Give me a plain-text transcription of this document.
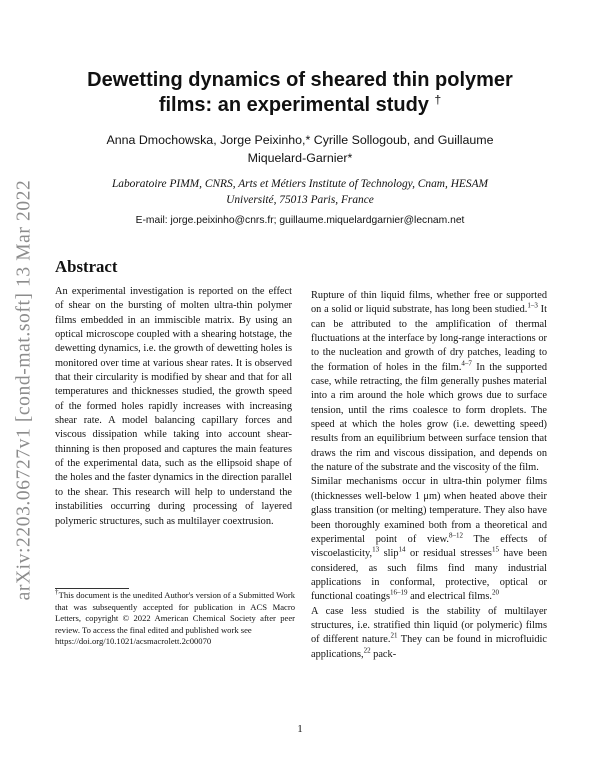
arXiv:2203.06727v1 [cond-mat.soft] 13 Mar 2022
Dewetting dynamics of sheared thin polymer
films: an experimental study †
Anna Dmochowska, Jorge Peixinho,* Cyrille Sollogoub, and Guillaume
Miquelard-Garnier*
Laboratoire PIMM, CNRS, Arts et Métiers Institute of Technology, Cnam, HESAM
Université, 75013 Paris, France
E-mail: jorge.peixinho@cnrs.fr; guillaume.miquelardgarnier@lecnam.net
Abstract

An experimental investigation is reported on the effect of shear on the bursting of molten ultra-thin polymer films embedded in an immiscible matrix. By using an optical microscope coupled with a shearing hotstage, the dewetting dynamics, i.e. the growth of dewetting holes is monitored over time at various shear rates. It is observed that their circularity is modified by shear and that for all temperatures and thicknesses studied, the growth speed of the formed holes rapidly increases with increasing shear rate. A model balancing capillary forces and viscous dissipation while taking into account shear-thinning is then proposed and captures the main features of the experimental data, such as the ellipsoid shape of the holes and the faster dynamics in the direction parallel to the shear. This research will help to understand the instabilities occurring during processing of layered polymeric structures, such as multilayer coextrusion.

†This document is the unedited Author's version of a Submitted Work that was subsequently accepted for publication in ACS Macro Letters, copyright © 2022 American Chemical Society after peer review. To access the final edited and published work see
https://doi.org/10.1021/acsmacrolett.2c00070

Rupture of thin liquid films, whether free or supported on a solid or liquid substrate, has long been studied.$^{1-3}$ It can be attributed to the amplification of thermal fluctuations at the interface by long-range interactions or to the nucleation and growth of dry patches, leading to the formation of holes in the film.$^{4-7}$ In the supported case, while retracting, the film generally pushes material into a rim around the hole which grows due to surface tension, until the rims coalesce to form droplets. The speed at which the holes grow (i.e. dewetting speed) results from an equilibrium between surface tension that draws the rim and viscous dissipation, and depends on the nature of the substrate and the viscosity of the film.

Similar mechanisms occur in ultra-thin polymer films (thicknesses well-below 1 μm) when heated above their glass transition (or melting) temperature. They also have been thoroughly examined both from a theoretical and experimental point of view.$^{8-12}$ The effects of viscoelasticity,$^{13}$ slip$^{14}$ or residual stresses$^{15}$ have been considered, as such films find many industrial applications in conformal, protective, optical or functional coatings$^{16-19}$ and electrical films.$^{20}$

A case less studied is the stability of multilayer structures, i.e. stratified thin liquid (or polymeric) films of different nature.$^{21}$ They can be found in microfluidic applications,$^{22}$ pack-

1
